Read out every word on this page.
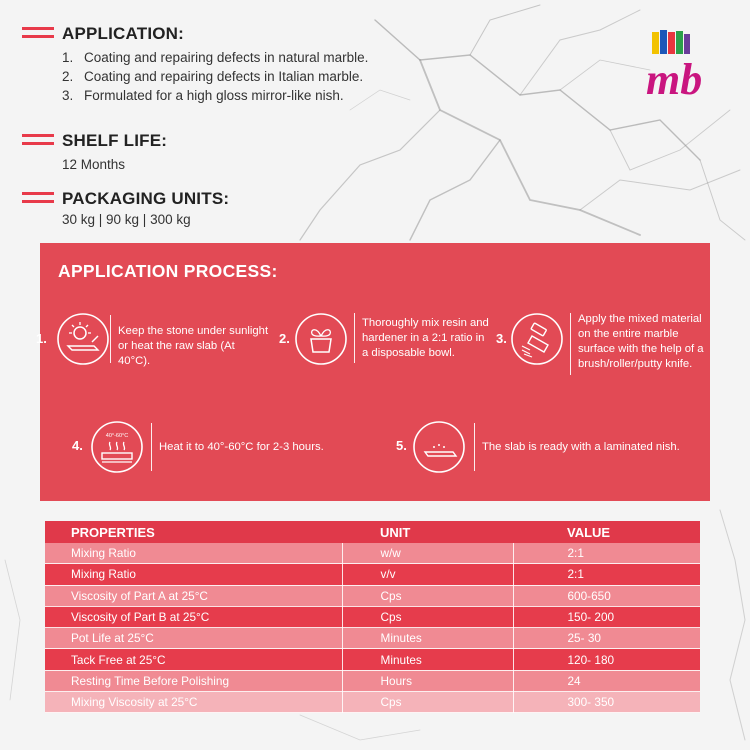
APPLICATION:
1. Coating and repairing defects in natural marble.
2. Coating and repairing defects in Italian marble.
3. Formulated for a high gloss mirror-like nish.
SHELF LIFE:
12 Months
PACKAGING UNITS:
30 kg | 90 kg | 300 kg
mb
APPLICATION PROCESS:
1.	Keep the stone under sunlight or heat the raw slab (At 40°C).
2.
Thoroughly mix resin and hardener in a 2:1 ratio in a disposable bowl.
3.
Apply the mixed material on the entire marble surface with the help of a brush/roller/putty knife.
4.
40°-60°C
Heat it to 40°-60°C for 2-3 hours.	5.	The slab is ready with a laminated nish.
PROPERTIES	UNIT	VALUE
Mixing Ratio	w/w	2:1
Mixing Ratio	v/v	2:1
Viscosity of Part A at 25°C	Cps	600-650
Viscosity of Part B at 25°C	Cps	150- 200
Pot Life at 25°C	Minutes	25- 30
Tack Free at 25°C	Minutes	120- 180
Resting Time Before Polishing	Hours	24
Mixing Viscosity at 25°C	Cps	300- 350
